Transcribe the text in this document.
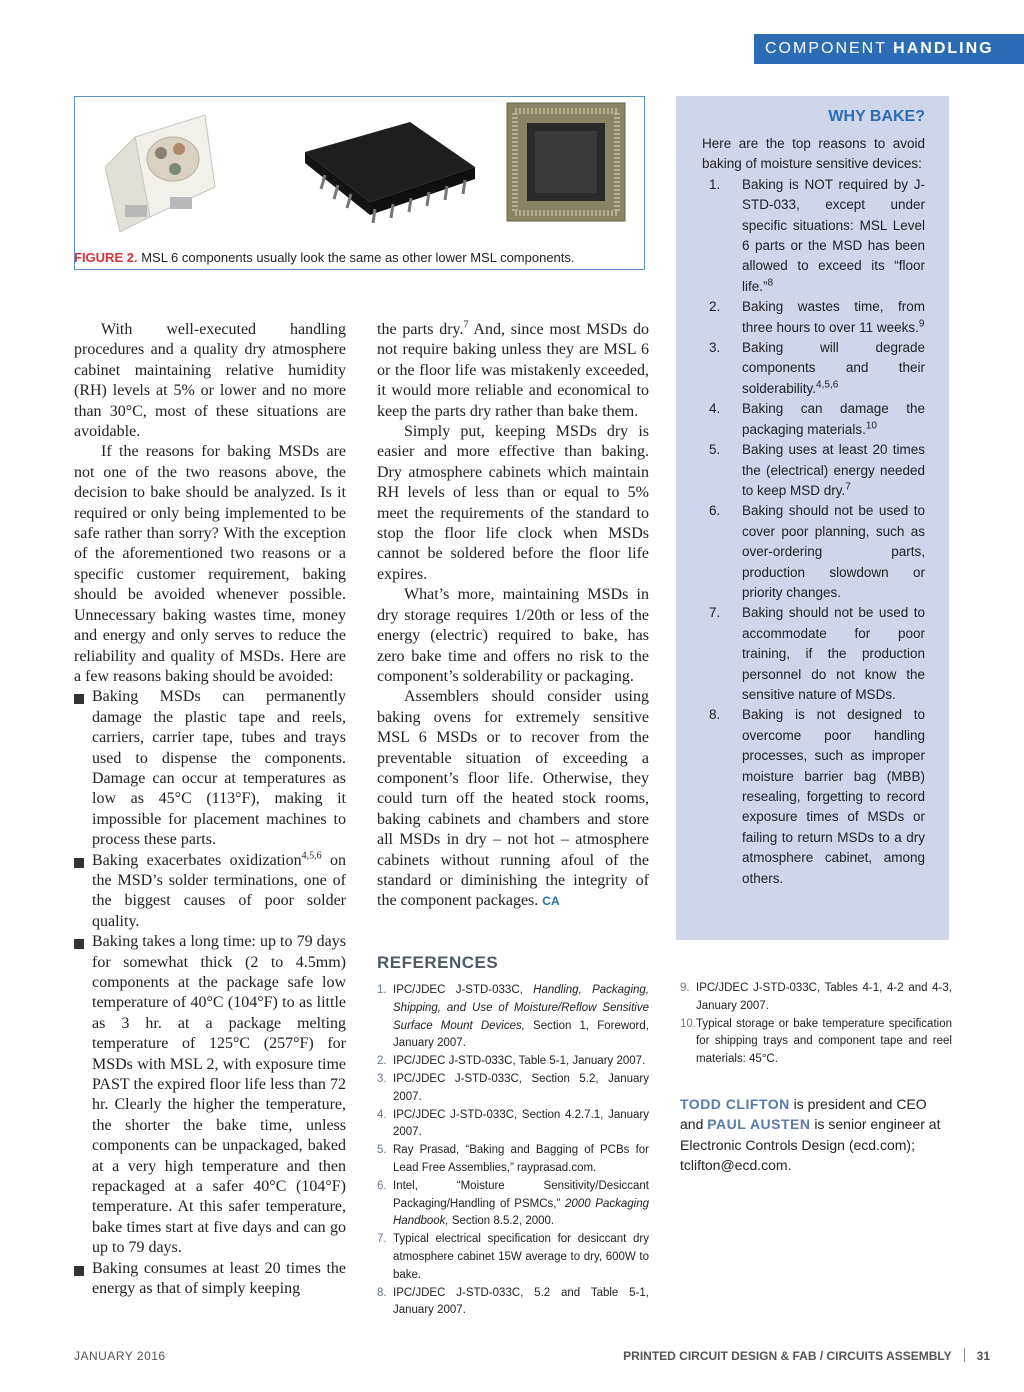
COMPONENT HANDLING
FIGURE 2. MSL 6 components usually look the same as other lower MSL components.

With well-executed handling procedures and a quality dry atmosphere cabinet maintaining relative humidity (RH) levels at 5% or lower and no more than 30°C, most of these situations are avoidable.

If the reasons for baking MSDs are not one of the two reasons above, the decision to bake should be analyzed. Is it required or only being implemented to be safe rather than sorry? With the exception of the aforementioned two reasons or a specific customer requirement, baking should be avoided whenever possible. Unnecessary baking wastes time, money and energy and only serves to reduce the reliability and quality of MSDs. Here are a few reasons baking should be avoided:

Baking MSDs can permanently damage the plastic tape and reels, carriers, carrier tape, tubes and trays used to dispense the components. Damage can occur at temperatures as low as 45°C (113°F), making it impossible for placement machines to process these parts.
Baking exacerbates oxidization$^{4,5,6}$ on the MSD’s solder terminations, one of the biggest causes of poor solder quality.
Baking takes a long time: up to 79 days for somewhat thick (2 to 4.5mm) components at the package safe low temperature of 40°C (104°F) to as little as 3 hr. at a package melting temperature of 125°C (257°F) for MSDs with MSL 2, with exposure time PAST the expired floor life less than 72 hr. Clearly the higher the temperature, the shorter the bake time, unless components can be unpackaged, baked at a very high temperature and then repackaged at a safer 40°C (104°F) temperature. At this safer temperature, bake times start at five days and can go up to 79 days.
Baking consumes at least 20 times the energy as that of simply keeping

the parts dry.$^7$ And, since most MSDs do not require baking unless they are MSL 6 or the floor life was mistakenly exceeded, it would more reliable and economical to keep the parts dry rather than bake them.

Simply put, keeping MSDs dry is easier and more effective than baking. Dry atmosphere cabinets which maintain RH levels of less than or equal to 5% meet the requirements of the standard to stop the floor life clock when MSDs cannot be soldered before the floor life expires.

What’s more, maintaining MSDs in dry storage requires 1/20th or less of the energy (electric) required to bake, has zero bake time and offers no risk to the component’s solderability or packaging.

Assemblers should consider using baking ovens for extremely sensitive MSL 6 MSDs or to recover from the preventable situation of exceeding a component’s floor life. Otherwise, they could turn off the heated stock rooms, baking cabinets and chambers and store all MSDs in dry – not hot – atmosphere cabinets without running afoul of the standard or diminishing the integrity of the component packages. CA

REFERENCES
1. IPC/JDEC J-STD-033C, Handling, Packaging, Shipping, and Use of Moisture/Reflow Sensitive Surface Mount Devices, Section 1, Foreword, January 2007.
2. IPC/JDEC J-STD-033C, Table 5-1, January 2007.
3. IPC/JDEC J-STD-033C, Section 5.2, January 2007.
4. IPC/JDEC J-STD-033C, Section 4.2.7.1, January 2007.
5. Ray Prasad, “Baking and Bagging of PCBs for Lead Free Assemblies,” rayprasad.com.
6. Intel, “Moisture Sensitivity/Desiccant Packaging/Handling of PSMCs,” 2000 Packaging Handbook, Section 8.5.2, 2000.
7. Typical electrical specification for desiccant dry atmosphere cabinet 15W average to dry, 600W to bake.
8. IPC/JDEC J-STD-033C, 5.2 and Table 5-1, January 2007.
9. IPC/JDEC J-STD-033C, Tables 4-1, 4-2 and 4-3, January 2007.
10. Typical storage or bake temperature specification for shipping trays and component tape and reel materials: 45°C.
WHY BAKE?

Here are the top reasons to avoid baking of moisture sensitive devices:

1. Baking is NOT required by J-STD-033, except under specific situations: MSL Level 6 parts or the MSD has been allowed to exceed its “floor life.”$^8$
2. Baking wastes time, from three hours to over 11 weeks.$^9$
3. Baking will degrade components and their solderability.$^{4,5,6}$
4. Baking can damage the packaging materials.$^{10}$
5. Baking uses at least 20 times the (electrical) energy needed to keep MSD dry.$^7$
6. Baking should not be used to cover poor planning, such as over-ordering parts, production slowdown or priority changes.
7. Baking should not be used to accommodate for poor training, if the production personnel do not know the sensitive nature of MSDs.
8. Baking is not designed to overcome poor handling processes, such as improper moisture barrier bag (MBB) resealing, forgetting to record exposure times of MSDs or failing to return MSDs to a dry atmosphere cabinet, among others.
TODD CLIFTON is president and CEO and PAUL AUSTEN is senior engineer at Electronic Controls Design (ecd.com); tclifton@ecd.com.
JANUARY 2016	PRINTED CIRCUIT DESIGN & FAB / CIRCUITS ASSEMBLY 31
